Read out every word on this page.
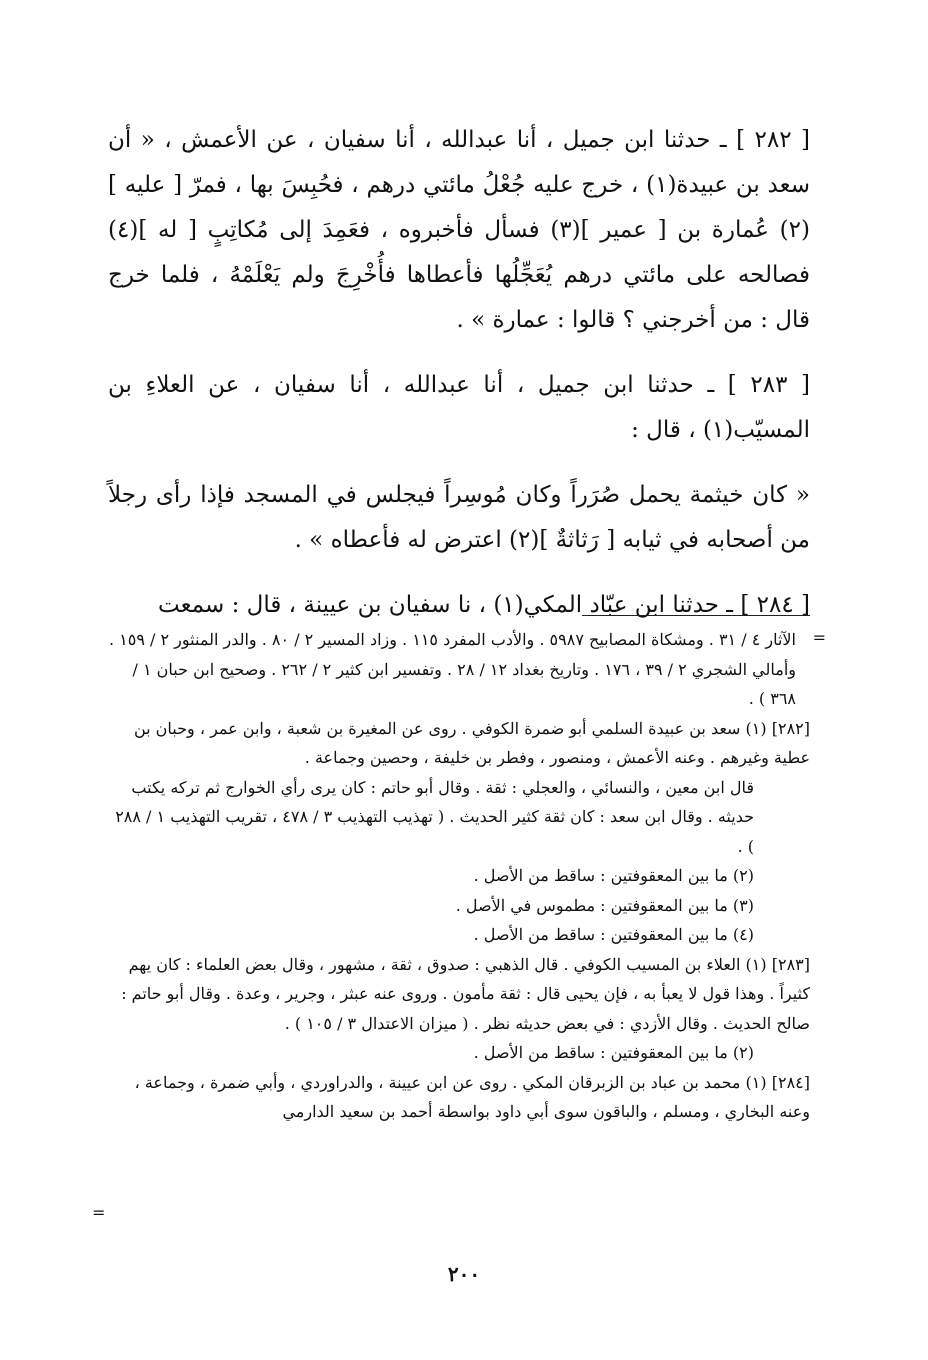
[ ٢٨٢ ] ـ حدثنا ابن جميل ، أنا عبدالله ، أنا سفيان ، عن الأعمش ، « أن سعد بن عبيدة(١) ، خرج عليه جُعْلُ مائتي درهم ، فحُبِسَ بها ، فمرّ [ عليه ](٢) عُمارة بن [ عمير ](٣) فسأل فأخبروه ، فعَمِدَ إلى مُكاتِبٍ [ له ](٤) فصالحه على مائتي درهم يُعَجِّلُها فأعطاها فأُخْرِجَ ولم يَعْلَمْهُ ، فلما خرج قال : من أخرجني ؟ قالوا : عمارة » .

[ ٢٨٣ ] ـ حدثنا ابن جميل ، أنا عبدالله ، أنا سفيان ، عن العلاءِ بن المسيّب(١) ، قال :

« كان خيثمة يحمل صُرَراً وكان مُوسِراً فيجلس في المسجد فإذا رأى رجلاً من أصحابه في ثيابه [ رَثاثةٌ ](٢) اعترض له فأعطاه » .

[ ٢٨٤ ] ـ حدثنا ابن عبّاد المكي(١) ، نا سفيان بن عيينة ، قال : سمعت

=

الآثار ٤ / ٣١ . ومشكاة المصابيح ٥٩٨٧ . والأدب المفرد ١١٥ . وزاد المسير ٢ / ٨٠ . والدر المنثور ٢ / ١٥٩ . وأمالي الشجري ٢ / ٣٩ ، ١٧٦ . وتاريخ بغداد ١٢ / ٢٨ . وتفسير ابن كثير ٢ / ٢٦٢ . وصحيح ابن حبان ١ / ٣٦٨ ) .

[٢٨٢] (١) سعد بن عبيدة السلمي أبو ضمرة الكوفي . روى عن المغيرة بن شعبة ، وابن عمر ، وحبان بن عطية وغيرهم . وعنه الأعمش ، ومنصور ، وفطر بن خليفة ، وحصين وجماعة .

قال ابن معين ، والنسائي ، والعجلي : ثقة . وقال أبو حاتم : كان يرى رأي الخوارج ثم تركه يكتب حديثه . وقال ابن سعد : كان ثقة كثير الحديث . ( تهذيب التهذيب ٣ / ٤٧٨ ، تقريب التهذيب ١ / ٢٨٨ ) .

(٢) ما بين المعقوفتين : ساقط من الأصل .

(٣) ما بين المعقوفتين : مطموس في الأصل .

(٤) ما بين المعقوفتين : ساقط من الأصل .

[٢٨٣] (١) العلاء بن المسيب الكوفي . قال الذهبي : صدوق ، ثقة ، مشهور ، وقال بعض العلماء : كان يهم كثيراً . وهذا قول لا يعبأ به ، فإن يحيى قال : ثقة مأمون . وروى عنه عبثر ، وجرير ، وعدة . وقال أبو حاتم : صالح الحديث . وقال الأزدي : في بعض حديثه نظر . ( ميزان الاعتدال ٣ / ١٠٥ ) .

(٢) ما بين المعقوفتين : ساقط من الأصل .

[٢٨٤] (١) محمد بن عباد بن الزبرقان المكي . روى عن ابن عيينة ، والدراوردي ، وأبي ضمرة ، وجماعة ، وعنه البخاري ، ومسلم ، والباقون سوى أبي داود بواسطة أحمد بن سعيد الدارمي

=
٢٠٠
